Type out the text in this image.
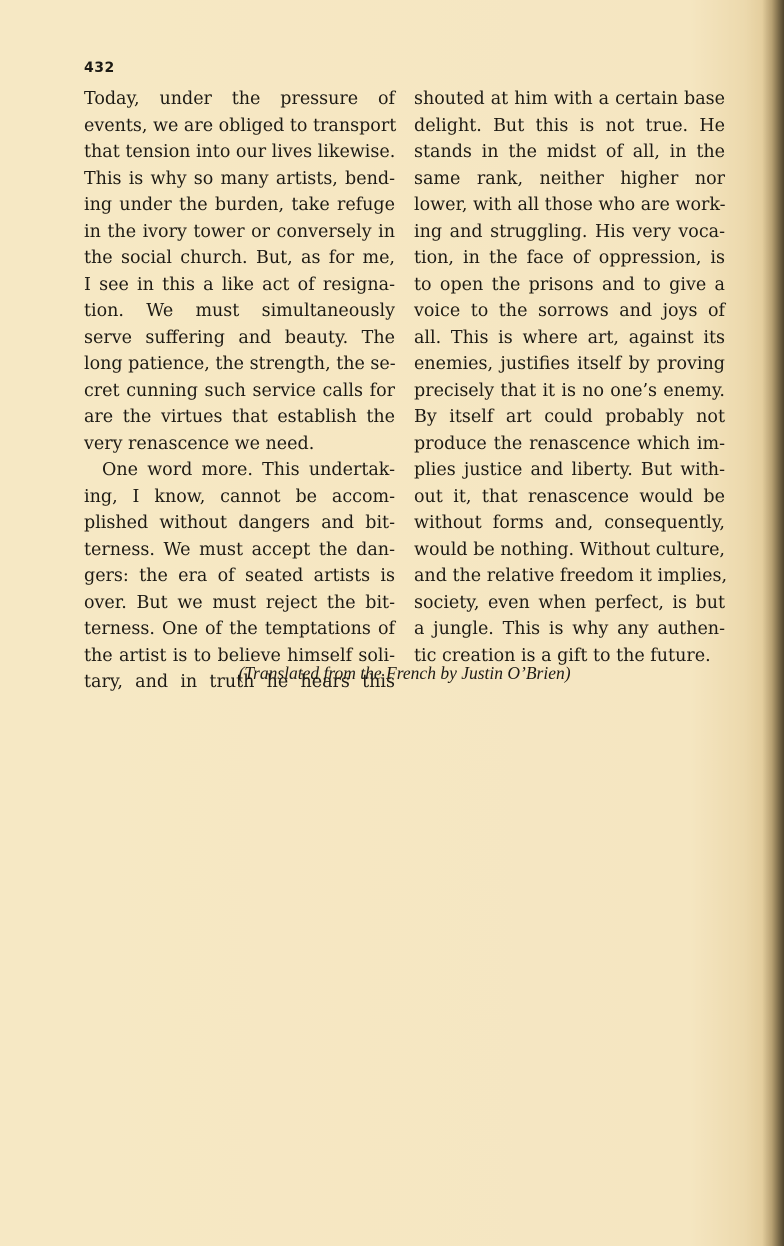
432
Today, under the pressure of
events, we are obliged to transport
that tension into our lives likewise.
This is why so many artists, bend-
ing under the burden, take refuge
in the ivory tower or conversely in
the social church. But, as for me,
I see in this a like act of resigna-
tion. We must simultaneously
serve suffering and beauty. The
long patience, the strength, the se-
cret cunning such service calls for
are the virtues that establish the
very renascence we need.
One word more. This undertak-
ing, I know, cannot be accom-
plished without dangers and bit-
terness. We must accept the dan-
gers: the era of seated artists is
over. But we must reject the bit-
terness. One of the temptations of
the artist is to believe himself soli-
tary, and in truth he hears this
shouted at him with a certain base
delight. But this is not true. He
stands in the midst of all, in the
same rank, neither higher nor
lower, with all those who are work-
ing and struggling. His very voca-
tion, in the face of oppression, is
to open the prisons and to give a
voice to the sorrows and joys of
all. This is where art, against its
enemies, justifies itself by proving
precisely that it is no one’s enemy.
By itself art could probably not
produce the renascence which im-
plies justice and liberty. But with-
out it, that renascence would be
without forms and, consequently,
would be nothing. Without culture,
and the relative freedom it implies,
society, even when perfect, is but
a jungle. This is why any authen-
tic creation is a gift to the future.
(Translated from the French by Justin O’Brien)
